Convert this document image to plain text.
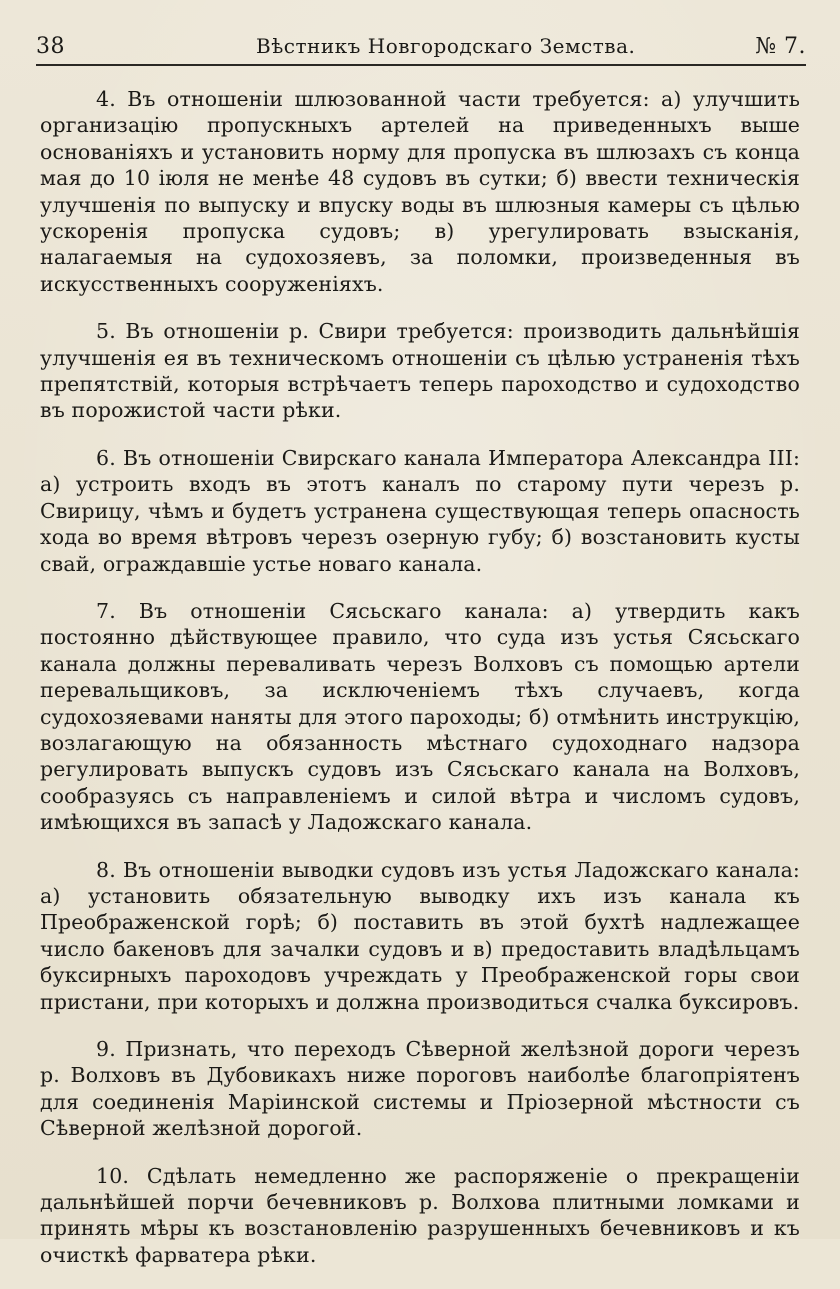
38	Вѣстникъ Новгородскаго Земства.	№ 7.

4. Въ отношеніи шлюзованной части требуется: а) улучшить организацію пропускныхъ артелей на приведенныхъ выше основаніяхъ и установить норму для пропуска въ шлюзахъ съ конца мая до 10 іюля не менѣе 48 судовъ въ сутки; б) ввести техническія улучшенія по выпуску и впуску воды въ шлюзныя камеры съ цѣлью ускоренія пропуска судовъ; в) урегулировать взысканія, налагаемыя на судохозяевъ, за поломки, произведенныя въ искусственныхъ сооруженіяхъ.

5. Въ отношеніи р. Свири требуется: производить дальнѣйшія улучшенія ея въ техническомъ отношеніи съ цѣлью устраненія тѣхъ препятствій, которыя встрѣчаетъ теперь пароходство и судоходство въ порожистой части рѣки.

6. Въ отношеніи Свирскаго канала Императора Александра III: а) устроить входъ въ этотъ каналъ по старому пути черезъ р. Свирицу, чѣмъ и будетъ устранена существующая теперь опасность хода во время вѣтровъ черезъ озерную губу; б) возстановить кусты свай, ограждавшіе устье новаго канала.

7. Въ отношеніи Сясьскаго канала: а) утвердить какъ постоянно дѣйствующее правило, что суда изъ устья Сясьскаго канала должны переваливать черезъ Волховъ съ помощью артели перевальщиковъ, за исключеніемъ тѣхъ случаевъ, когда судохозяевами наняты для этого пароходы; б) отмѣнить инструкцію, возлагающую на обязанность мѣстнаго судоходнаго надзора регулировать выпускъ судовъ изъ Сясьскаго канала на Волховъ, сообразуясь съ направленіемъ и силой вѣтра и числомъ судовъ, имѣющихся въ запасѣ у Ладожскаго канала.

8. Въ отношеніи выводки судовъ изъ устья Ладожскаго канала: а) установить обязательную выводку ихъ изъ канала къ Преображенской горѣ; б) поставить въ этой бухтѣ надлежащее число бакеновъ для зачалки судовъ и в) предоставить владѣльцамъ буксирныхъ пароходовъ учреждать у Преображенской горы свои пристани, при которыхъ и должна производиться счалка буксировъ.

9. Признать, что переходъ Сѣверной желѣзной дороги черезъ р. Волховъ въ Дубовикахъ ниже пороговъ наиболѣе благопріятенъ для соединенія Маріинской системы и Пріозерной мѣстности съ Сѣверной желѣзной дорогой.

10. Сдѣлать немедленно же распоряженіе о прекращеніи дальнѣйшей порчи бечевниковъ р. Волхова плитными ломками и принять мѣры къ возстановленію разрушенныхъ бечевниковъ и къ очисткѣ фарватера рѣки.
